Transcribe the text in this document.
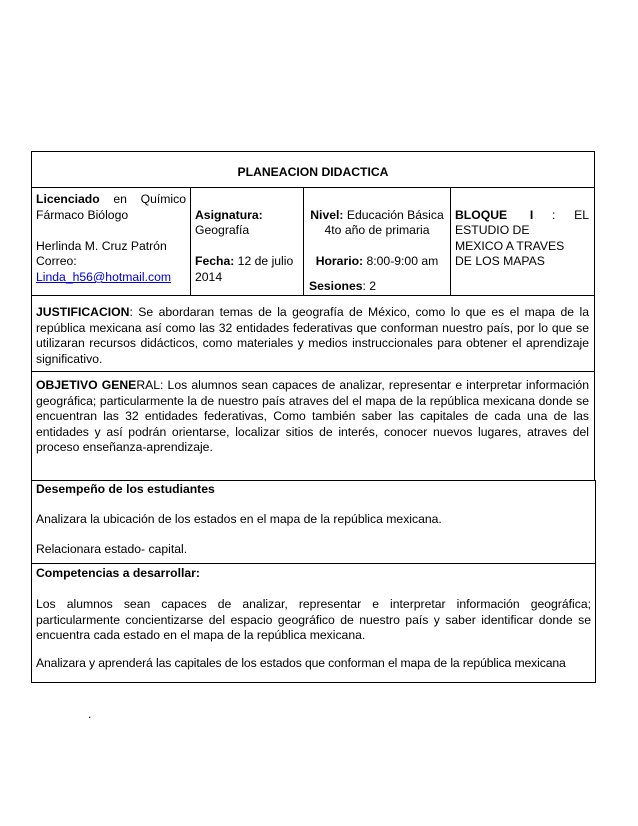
PLANEACION DIDACTICA
Licenciado en Químico
Fármaco Biólogo
Herlinda M. Cruz Patrón
Correo:
Linda_h56@hotmail.com
Asignatura:
Geografía
Fecha: 12 de julio
2014
Nivel: Educación Básica
4to año de primaria
Horario: 8:00-9:00 am
Sesiones: 2
BLOQUE I : EL
ESTUDIO DE
MEXICO A TRAVES
DE LOS MAPAS
JUSTIFICACION: Se abordaran temas de la geografía de México, como lo que es el mapa de la república mexicana así como las 32 entidades federativas que conforman nuestro país, por lo que se utilizaran recursos didácticos, como materiales y medios instruccionales para obtener el aprendizaje significativo.
OBJETIVO GENERAL: Los alumnos sean capaces de analizar, representar e interpretar información geográfica; particularmente la de nuestro país atraves del el mapa de la república mexicana donde se encuentran las 32 entidades federativas, Como también saber las capitales de cada una de las entidades y así podrán orientarse, localizar sitios de interés, conocer nuevos lugares, atraves del proceso enseñanza-aprendizaje.
Desempeño de los estudiantes
Analizara la ubicación de los estados en el mapa de la república mexicana.
Relacionara estado- capital.
Competencias a desarrollar:
Los alumnos sean capaces de analizar, representar e interpretar información geográfica; particularmente concientizarse del espacio geográfico de nuestro país y saber identificar donde se encuentra cada estado en el mapa de la república mexicana.
Analizara y aprenderá las capitales de los estados que conforman el mapa de la república mexicana
.
